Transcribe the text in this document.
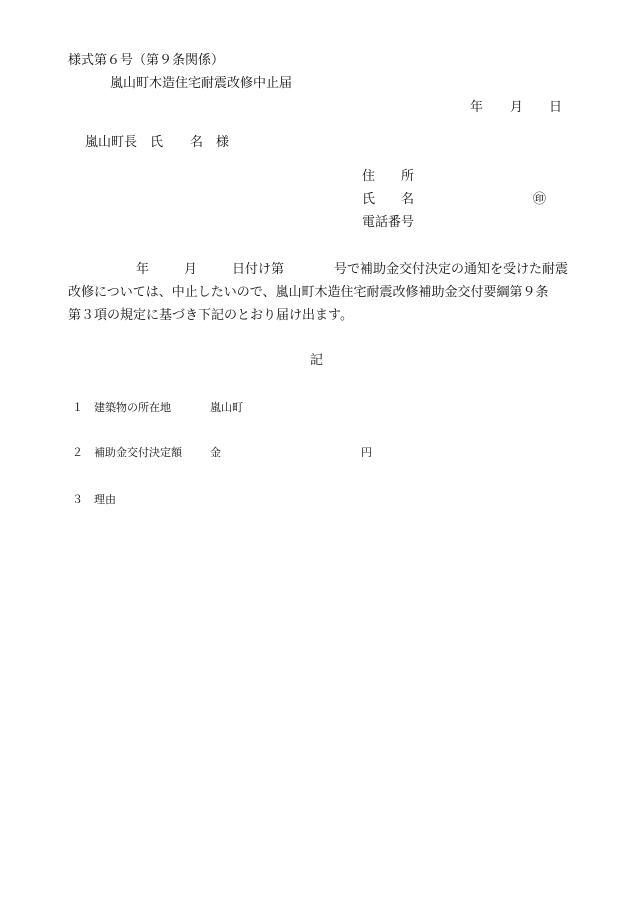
様式第６号（第９条関係）
嵐山町木造住宅耐震改修中止届
年 月 日
嵐山町長 氏 名 様
住　　所
氏　　名	㊞
電話番号
年	月	日付け第	号で補助金交付決定の通知を受けた耐震
改修については、中止したいので、嵐山町木造住宅耐震改修補助金交付要綱第９条
第３項の規定に基づき下記のとおり届け出ます。
記
１ 建築物の所在地	嵐山町
２ 補助金交付決定額	金	円
３ 理由
